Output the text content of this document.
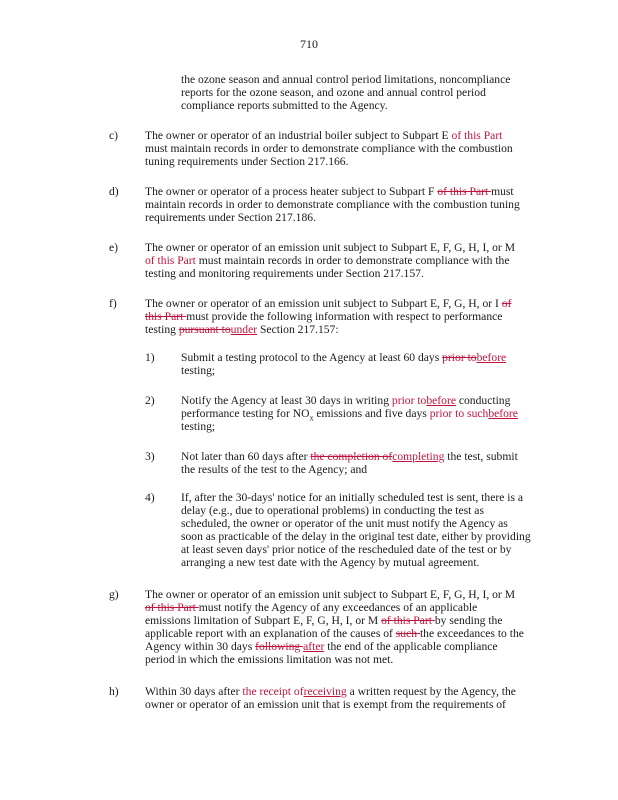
710
the ozone season and annual control period limitations, noncompliance reports for the ozone season, and ozone and annual control period compliance reports submitted to the Agency.
c) The owner or operator of an industrial boiler subject to Subpart E of this Part must maintain records in order to demonstrate compliance with the combustion tuning requirements under Section 217.166.
d) The owner or operator of a process heater subject to Subpart F of this Part must maintain records in order to demonstrate compliance with the combustion tuning requirements under Section 217.186.
e) The owner or operator of an emission unit subject to Subpart E, F, G, H, I, or M of this Part must maintain records in order to demonstrate compliance with the testing and monitoring requirements under Section 217.157.
f) The owner or operator of an emission unit subject to Subpart E, F, G, H, or I of this Part must provide the following information with respect to performance testing pursuant tounder Section 217.157:
1) Submit a testing protocol to the Agency at least 60 days prior tobefore testing;
2) Notify the Agency at least 30 days in writing prior tobefore conducting performance testing for $NO_x$ emissions and five days prior to suchbefore testing;
3) Not later than 60 days after the completion ofcompleting the test, submit the results of the test to the Agency; and
4) If, after the 30-days' notice for an initially scheduled test is sent, there is a delay (e.g., due to operational problems) in conducting the test as scheduled, the owner or operator of the unit must notify the Agency as soon as practicable of the delay in the original test date, either by providing at least seven days' prior notice of the rescheduled date of the test or by arranging a new test date with the Agency by mutual agreement.
g) The owner or operator of an emission unit subject to Subpart E, F, G, H, I, or M of this Part must notify the Agency of any exceedances of an applicable emissions limitation of Subpart E, F, G, H, I, or M of this Part by sending the applicable report with an explanation of the causes of such the exceedances to the Agency within 30 days following after the end of the applicable compliance period in which the emissions limitation was not met.
h) Within 30 days after the receipt ofreceiving a written request by the Agency, the owner or operator of an emission unit that is exempt from the requirements of
